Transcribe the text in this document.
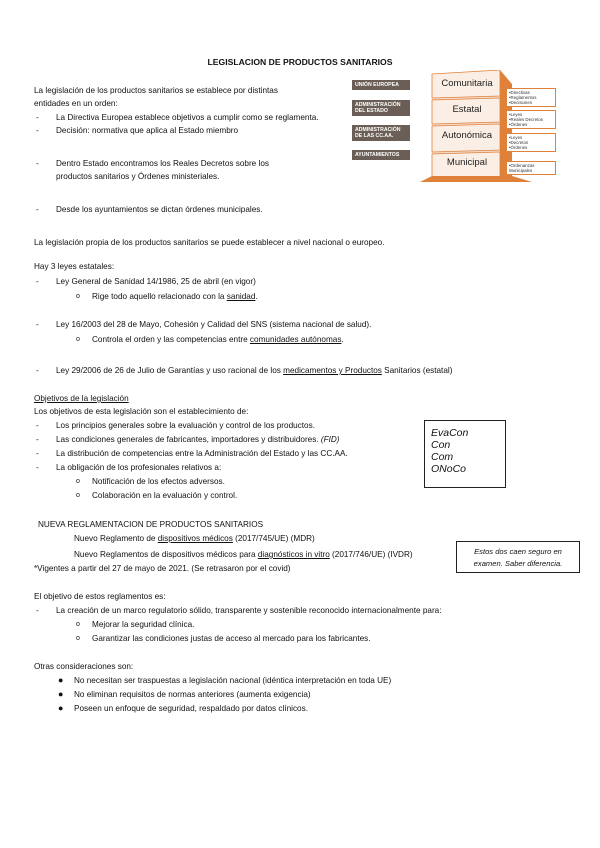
LEGISLACION DE PRODUCTOS SANITARIOS
La legislación de los productos sanitarios se establece por distintas
entidades en un orden:
- La Directiva Europea establece objetivos a cumplir como se reglamenta.
- Decisión: normativa que aplica al Estado miembro
- Dentro Estado encontramos los Reales Decretos sobre los
productos sanitarios y Órdenes ministeriales.
- Desde los ayuntamientos se dictan órdenes municipales.
UNIÓN EUROPEA
ADMINISTRACIÓN DEL ESTADO
ADMINISTRACIÓN DE LAS CC.AA.
AYUNTAMIENTOS
Comunitaria
Estatal
Autonómica
Municipal
•Directivas
•Reglamentos
•Decisiones
•Leyes
•Reales Decretos
•Órdenes
•Leyes
•Decretos
•Órdenes
•Ordenanzas
Municipales
La legislación propia de los productos sanitarios se puede establecer a nivel nacional o europeo.
Hay 3 leyes estatales:
- Ley General de Sanidad 14/1986, 25 de abril (en vigor)
o Rige todo aquello relacionado con la sanidad.
- Ley 16/2003 del 28 de Mayo, Cohesión y Calidad del SNS (sistema nacional de salud).
o Controla el orden y las competencias entre comunidades autónomas.
- Ley 29/2006 de 26 de Julio de Garantías y uso racional de los medicamentos y Productos Sanitarios (estatal)
Objetivos de la legislación
Los objetivos de esta legislación son el establecimiento de:
- Los principios generales sobre la evaluación y control de los productos.
- Las condiciones generales de fabricantes, importadores y distribuidores. (FID)
- La distribución de competencias entre la Administración del Estado y las CC.AA.
- La obligación de los profesionales relativos a:
o Notificación de los efectos adversos.
o Colaboración en la evaluación y control.
EvaCon
Con
Com
ONoCo
NUEVA REGLAMENTACION DE PRODUCTOS SANITARIOS
Nuevo Reglamento de dispositivos médicos (2017/745/UE) (MDR)
Nuevo Reglamentos de dispositivos médicos para diagnósticos in vitro (2017/746/UE) (IVDR)
*Vigentes a partir del 27 de mayo de 2021. (Se retrasaron por el covid)
Estos dos caen seguro en
examen. Saber diferencia.
El objetivo de estos reglamentos es:
- La creación de un marco regulatorio sólido, transparente y sostenible reconocido internacionalmente para:
o Mejorar la seguridad clínica.
o Garantizar las condiciones justas de acceso al mercado para los fabricantes.
Otras consideraciones son:
● No necesitan ser traspuestas a legislación nacional (idéntica interpretación en toda UE)
● No eliminan requisitos de normas anteriores (aumenta exigencia)
● Poseen un enfoque de seguridad, respaldado por datos clínicos.
